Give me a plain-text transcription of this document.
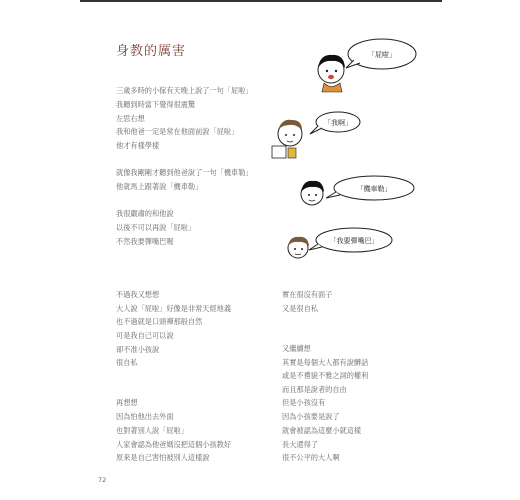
身教的厲害
三歲多時的小傢有天晚上說了一句「屁啦」
我聽到時當下覺得很震驚
左思右想
我和他爸一定是常在他面前說「屁啦」
他才有樣學樣
就像我剛剛才聽到他爸說了一句「機車勒」
他就馬上跟著說「機車勒」
我很嚴肅的和他說
以後不可以再說「屁啦」
不然我要彈嘴巴喔
不過我又想想
大人說「屁啦」好像是非常天經地義
也不過就是口頭禪那般自然
可是我自己可以說
卻不准小孩說
很自私
再想想
因為怕他出去外面
也對著別人說「屁啦」
人家會認為他爸媽沒把這個小孩教好
原來是自己害怕被別人這樣說
實在很沒有面子
又是很自私
又繼續想
其實是每個大人都有說髒話
或是不禮貌不雅之詞的權利
而且那是說者的自由
但是小孩沒有
因為小孩要是說了
就會被認為這麼小就這樣
長大還得了
很不公平的大人啊
「屁啦」
「我啊」
「機車勒」
「我要彈嘴巴」
72
